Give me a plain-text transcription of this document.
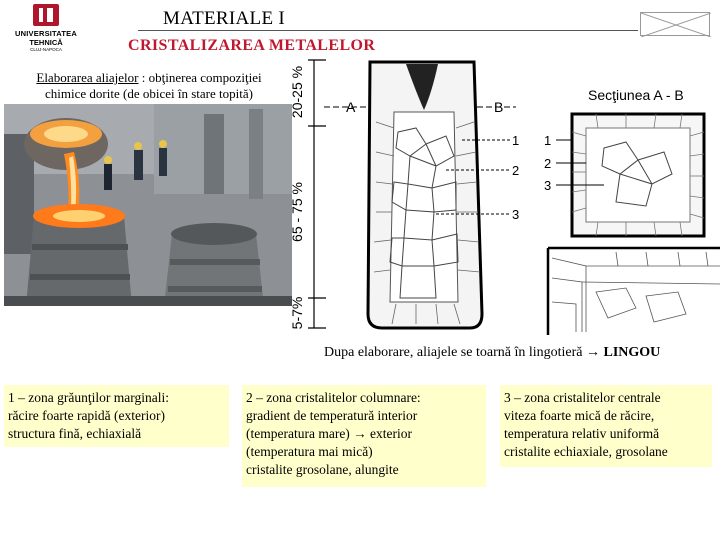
UNIVERSITATEA
TEHNICĂ
CLUJ-NAPOCA
MATERIALE I
CRISTALIZAREA METALELOR
Elaborarea aliajelor : obţinerea compoziţiei
chimice dorite (de obicei în stare topită)	20-25 %
65 - 75 %
5-7%
A	B
1
2
3
Secţiunea A - B
1
2
3
Dupa elaborare, aliajele se toarnă în lingotieră → LINGOU
1 – zona grăunţilor marginali:
răcire foarte rapidă (exterior)
structura fină, echiaxială
2 – zona cristalitelor columnare:
gradient de temperatură interior
(temperatura mare) → exterior
(temperatura mai mică)
cristalite grosolane, alungite
3 – zona cristalitelor centrale
viteza foarte mică de răcire,
temperatura relativ uniformă
cristalite echiaxiale, grosolane
